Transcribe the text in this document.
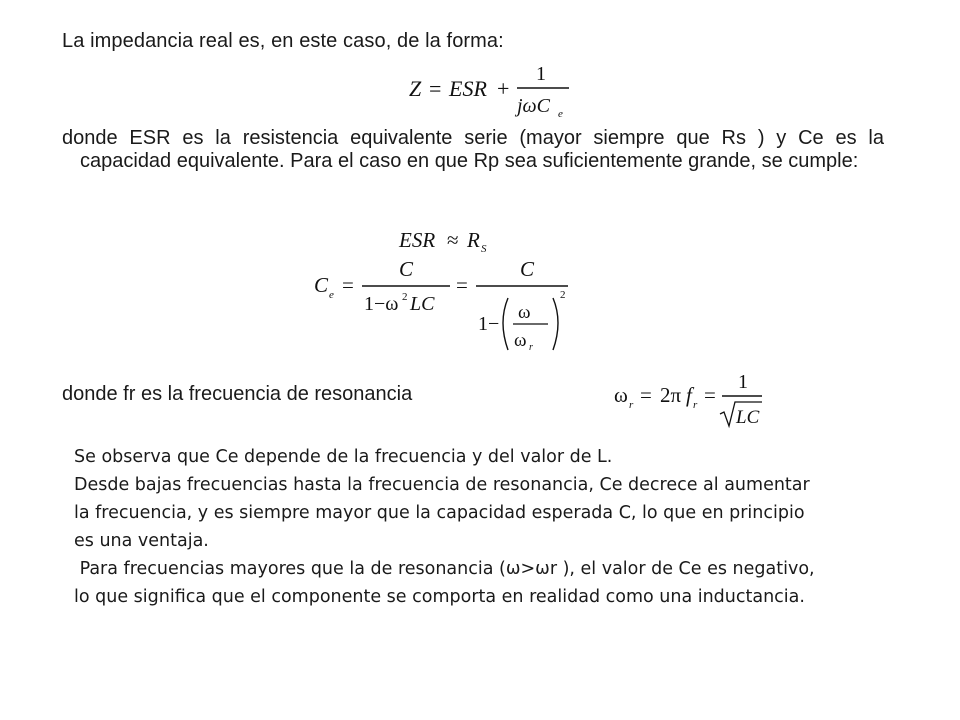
La impedancia real es, en este caso, de la forma:
Z = ESR +
1
jωC e
donde ESR es la resistencia equivalente serie (mayor siempre que Rs ) y Ce es la
capacidad equivalente. Para el caso en que Rp sea suficientemente grande, se cumple:
ESR ≈ R S
C e =
C
1−ω 2 LC
=
C
1−
ω
ω r
2
donde fr es la frecuencia de resonancia	ω r = 2π f r =
1
LC
Se observa que Ce depende de la frecuencia y del valor de L.
Desde bajas frecuencias hasta la frecuencia de resonancia, Ce decrece al aumentar
la frecuencia, y es siempre mayor que la capacidad esperada C, lo que en principio
es una ventaja.
Para frecuencias mayores que la de resonancia (ω>ωr ), el valor de Ce es negativo,
lo que significa que el componente se comporta en realidad como una inductancia.
